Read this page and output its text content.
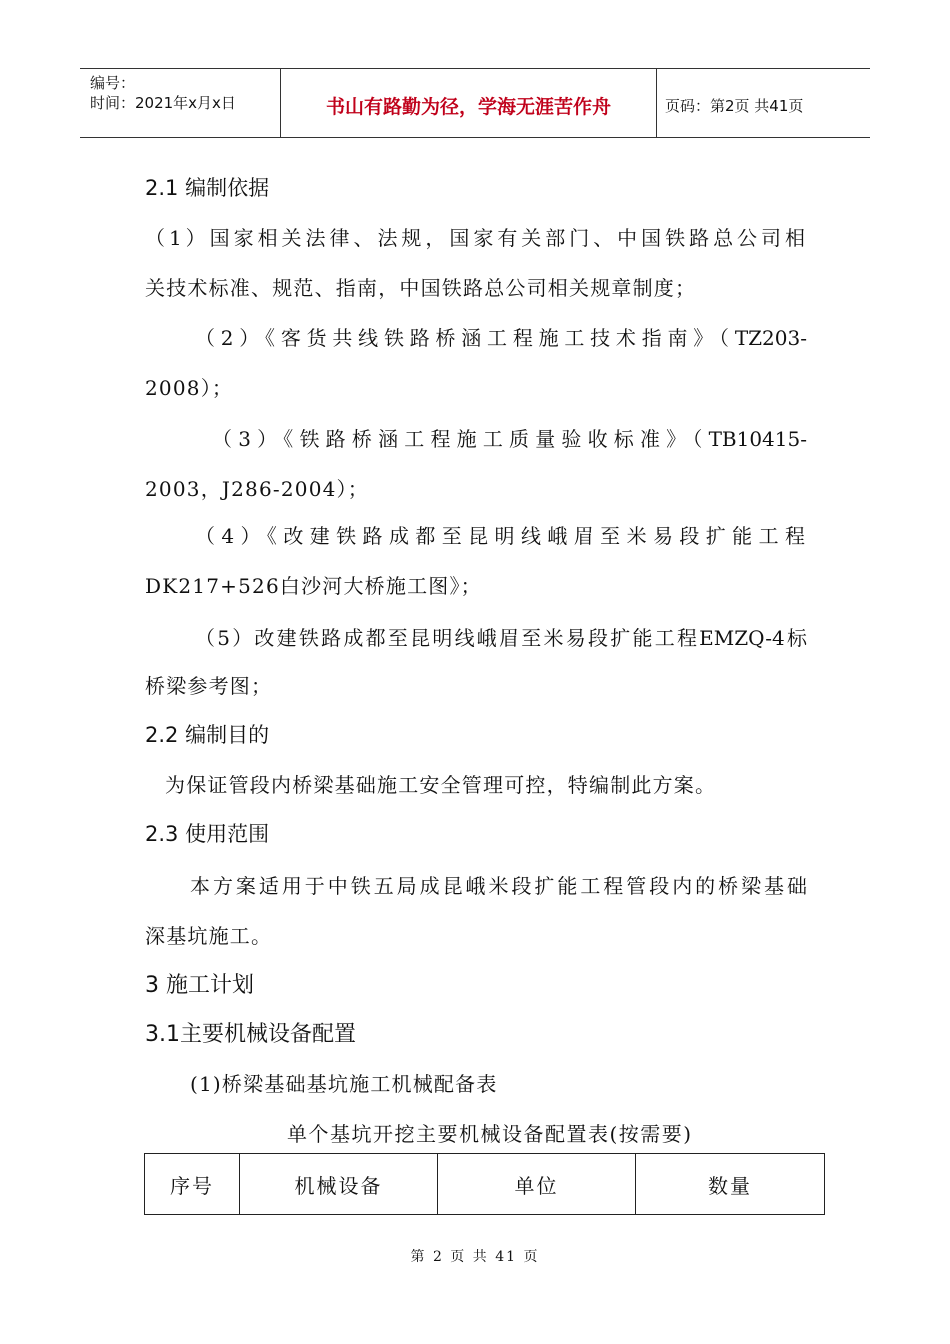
编号：
时间：2021年x月x日	书山有路勤为径，学海无涯苦作舟	页码：第2页 共41页
2.1 编制依据
（1）国家相关法律、法规，国家有关部门、中国铁路总公司相
关技术标准、规范、指南，中国铁路总公司相关规章制度；
（2）《客货共线铁路桥涵工程施工技术指南》（TZ203-
2008）；
（3）《铁路桥涵工程施工质量验收标准》（TB10415-
2003，J286-2004）；
（4）《改建铁路成都至昆明线峨眉至米易段扩能工程
DK217+526白沙河大桥施工图》；
（5）改建铁路成都至昆明线峨眉至米易段扩能工程EMZQ-4标
桥梁参考图；
2.2 编制目的
为保证管段内桥梁基础施工安全管理可控，特编制此方案。
2.3 使用范围
本方案适用于中铁五局成昆峨米段扩能工程管段内的桥梁基础
深基坑施工。
3 施工计划
3.1主要机械设备配置
(1)桥梁基础基坑施工机械配备表
单个基坑开挖主要机械设备配置表(按需要)
序号	机械设备	单位	数量
第 2 页 共 41 页
